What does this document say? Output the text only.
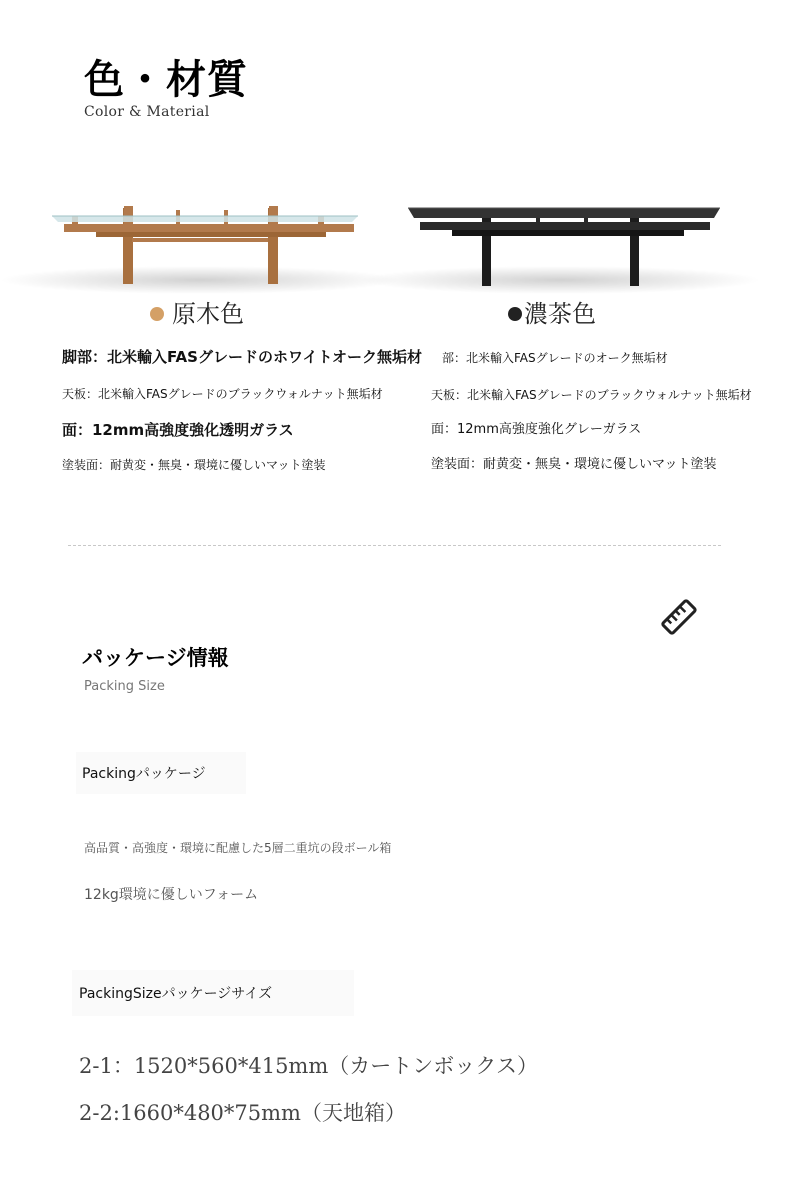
色・材質
Color & Material
原木色	濃茶色
脚部：北米輸入FASグレードのホワイトオーク無垢材
天板：北米輸入FASグレードのブラックウォルナット無垢材
面：12mm高強度強化透明ガラス
塗装面：耐黄変・無臭・環境に優しいマット塗装
部：北米輸入FASグレードのオーク無垢材
天板：北米輸入FASグレードのブラックウォルナット無垢材
面：12mm高強度強化グレーガラス
塗装面：耐黄変・無臭・環境に優しいマット塗装
パッケージ情報
Packing Size
Packingパッケージ
高品質・高強度・環境に配慮した5層二重坑の段ボール箱
12kg環境に優しいフォーム
PackingSizeパッケージサイズ
2-1：1520*560*415mm（カートンボックス）
2-2:1660*480*75mm（天地箱）
